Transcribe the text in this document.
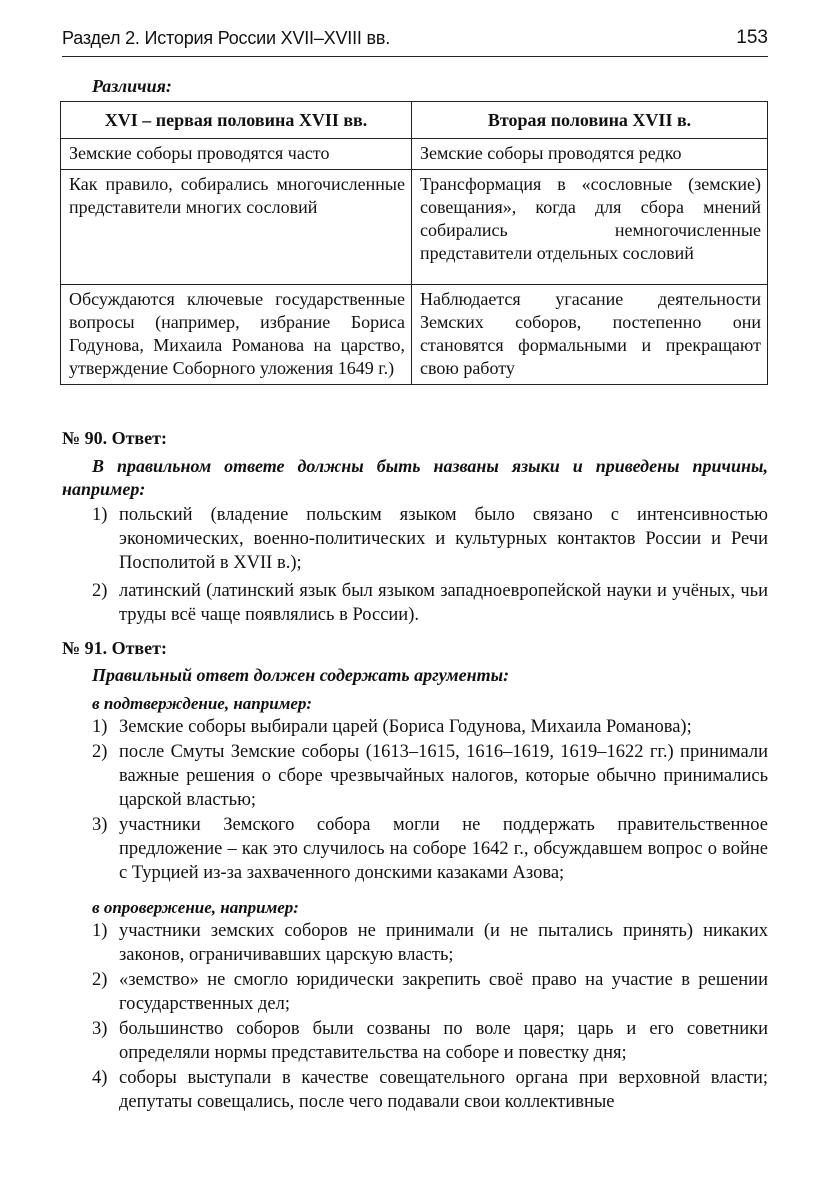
Раздел 2. История России XVII–XVIII вв.	153
Различия:
XVI – первая половина XVII вв.	Вторая половина XVII в.
Земские соборы проводятся часто	Земские соборы проводятся редко
Как правило, собирались многочисленные представители многих сословий	Трансформация в «сословные (земские) совещания», когда для сбора мнений собирались немногочисленные представители отдельных сословий
Обсуждаются ключевые государственные вопросы (например, избрание Бориса Годунова, Михаила Романова на царство, утверждение Соборного уложения 1649 г.)	Наблюдается угасание деятельности Земских соборов, постепенно они становятся формальными и прекращают свою работу
№ 90. Ответ:
В правильном ответе должны быть названы языки и приведены причины, например:
1) польский (владение польским языком было связано с интенсивностью экономических, военно-политических и культурных контактов России и Речи Посполитой в XVII в.);
2) латинский (латинский язык был языком западноевропейской науки и учёных, чьи труды всё чаще появлялись в России).
№ 91. Ответ:
Правильный ответ должен содержать аргументы:
в подтверждение, например:
1) Земские соборы выбирали царей (Бориса Годунова, Михаила Романова);
2) после Смуты Земские соборы (1613–1615, 1616–1619, 1619–1622 гг.) принимали важные решения о сборе чрезвычайных налогов, которые обычно принимались царской властью;
3) участники Земского собора могли не поддержать правительственное предложение – как это случилось на соборе 1642 г., обсуждавшем вопрос о войне с Турцией из-за захваченного донскими казаками Азова;
в опровержение, например:
1) участники земских соборов не принимали (и не пытались принять) никаких законов, ограничивавших царскую власть;
2) «земство» не смогло юридически закрепить своё право на участие в решении государственных дел;
3) большинство соборов были созваны по воле царя; царь и его советники определяли нормы представительства на соборе и повестку дня;
4) соборы выступали в качестве совещательного органа при верховной власти; депутаты совещались, после чего подавали свои коллективные
